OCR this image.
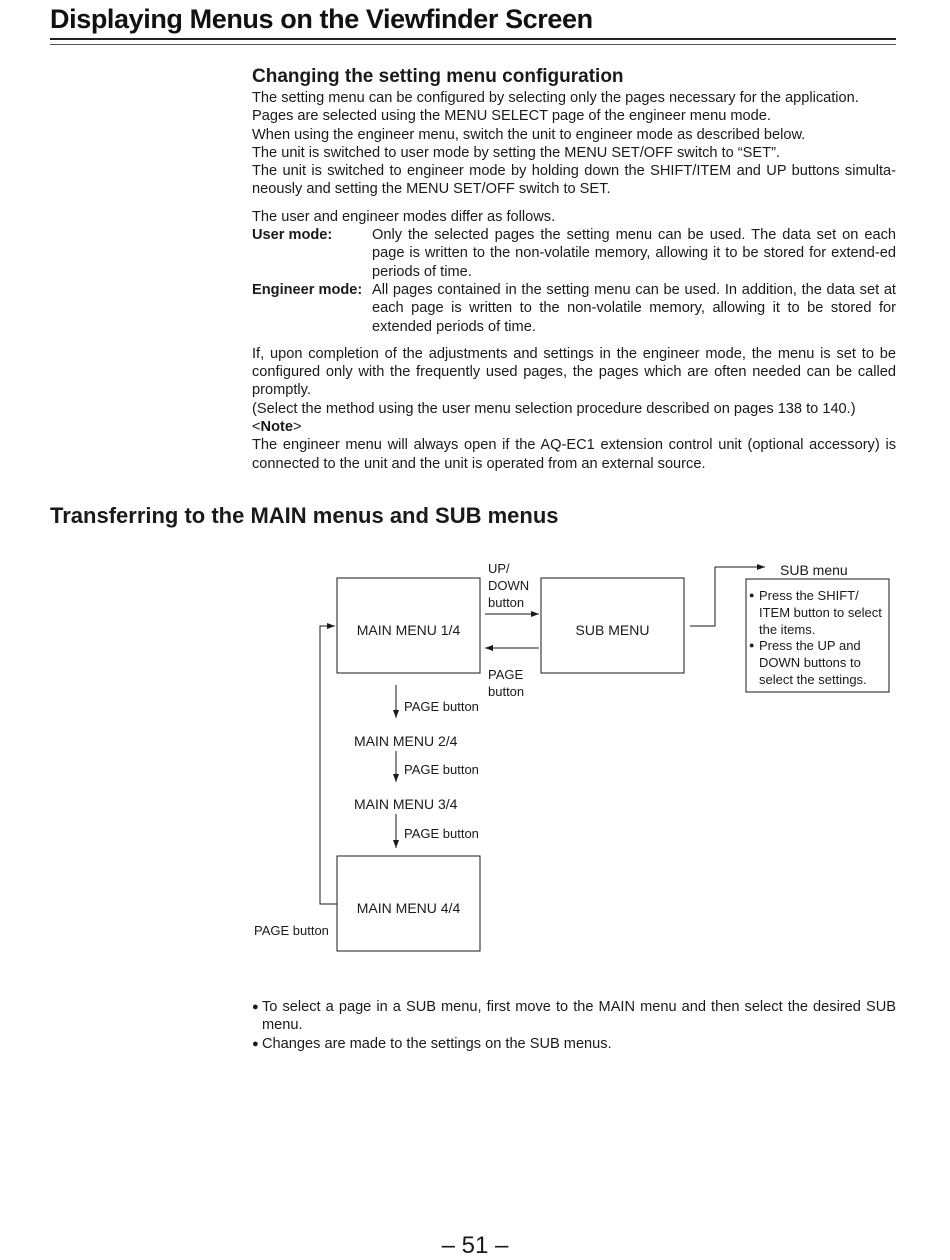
Displaying Menus on the Viewfinder Screen
Changing the setting menu configuration

The setting menu can be configured by selecting only the pages necessary for the application.

Pages are selected using the MENU SELECT page of the engineer menu mode.

When using the engineer menu, switch the unit to engineer mode as described below.

The unit is switched to user mode by setting the MENU SET/OFF switch to “SET”.

The unit is switched to engineer mode by holding down the SHIFT/ITEM and UP buttons simulta-neously and setting the MENU SET/OFF switch to SET.

The user and engineer modes differ as follows.

User mode:	Only the selected pages the setting menu can be used. The data set on each page is written to the non-volatile memory, allowing it to be stored for extend-ed periods of time.
Engineer mode: All pages contained in the setting menu can be used. In addition, the data set at each page is written to the non-volatile memory, allowing it to be stored for extended periods of time.

If, upon completion of the adjustments and settings in the engineer mode, the menu is set to be configured only with the frequently used pages, the pages which are often needed can be called promptly.

(Select the method using the user menu selection procedure described on pages 138 to 140.)

<Note>

The engineer menu will always open if the AQ-EC1 extension control unit (optional accessory) is connected to the unit and the unit is operated from an external source.

Transferring to the MAIN menus and SUB menus
MAIN MENU 1/4	SUB MENU
UP/
DOWN
button
PAGE
button
SUB menu
● Press the SHIFT/
ITEM button to select
the items.
● Press the UP and
DOWN buttons to
select the settings.
PAGE button
MAIN MENU 2/4
PAGE button
MAIN MENU 3/4
PAGE button
MAIN MENU 4/4
PAGE button
● To select a page in a SUB menu, first move to the MAIN menu and then select the desired SUB menu.
● Changes are made to the settings on the SUB menus.
– 51 –
